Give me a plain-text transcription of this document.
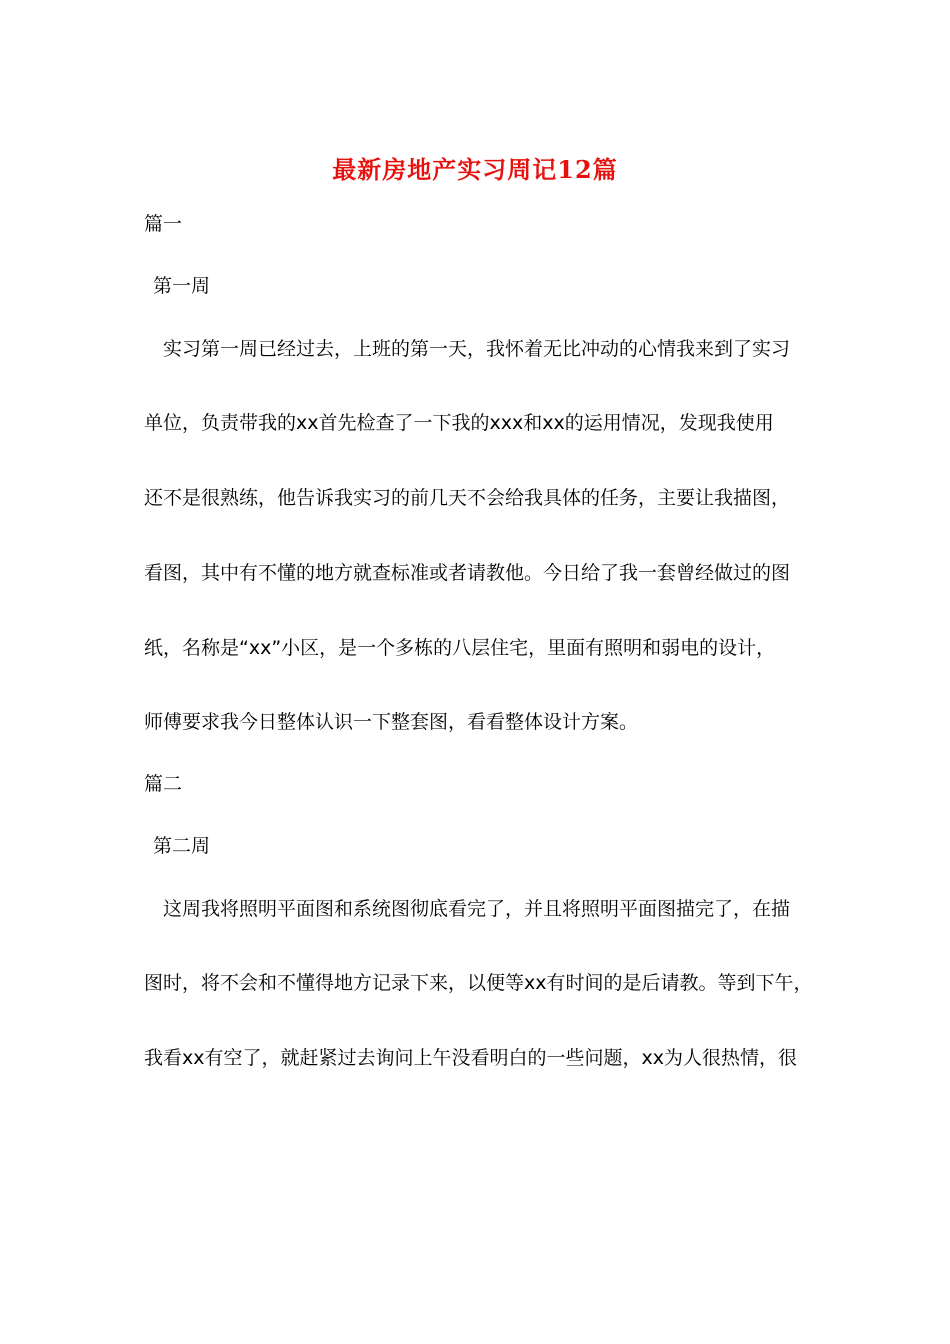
最新房地产实习周记12篇
篇一
第一周
实习第一周已经过去，上班的第一天，我怀着无比冲动的心情我来到了实习
单位，负责带我的xx首先检查了一下我的xxx和xx的运用情况，发现我使用
还不是很熟练，他告诉我实习的前几天不会给我具体的任务，主要让我描图，
看图，其中有不懂的地方就查标准或者请教他。今日给了我一套曾经做过的图
纸，名称是“xx”小区，是一个多栋的八层住宅，里面有照明和弱电的设计，
师傅要求我今日整体认识一下整套图，看看整体设计方案。
篇二
第二周
这周我将照明平面图和系统图彻底看完了，并且将照明平面图描完了，在描
图时，将不会和不懂得地方记录下来，以便等xx有时间的是后请教。等到下午，
我看xx有空了，就赶紧过去询问上午没看明白的一些问题，xx为人很热情，很
